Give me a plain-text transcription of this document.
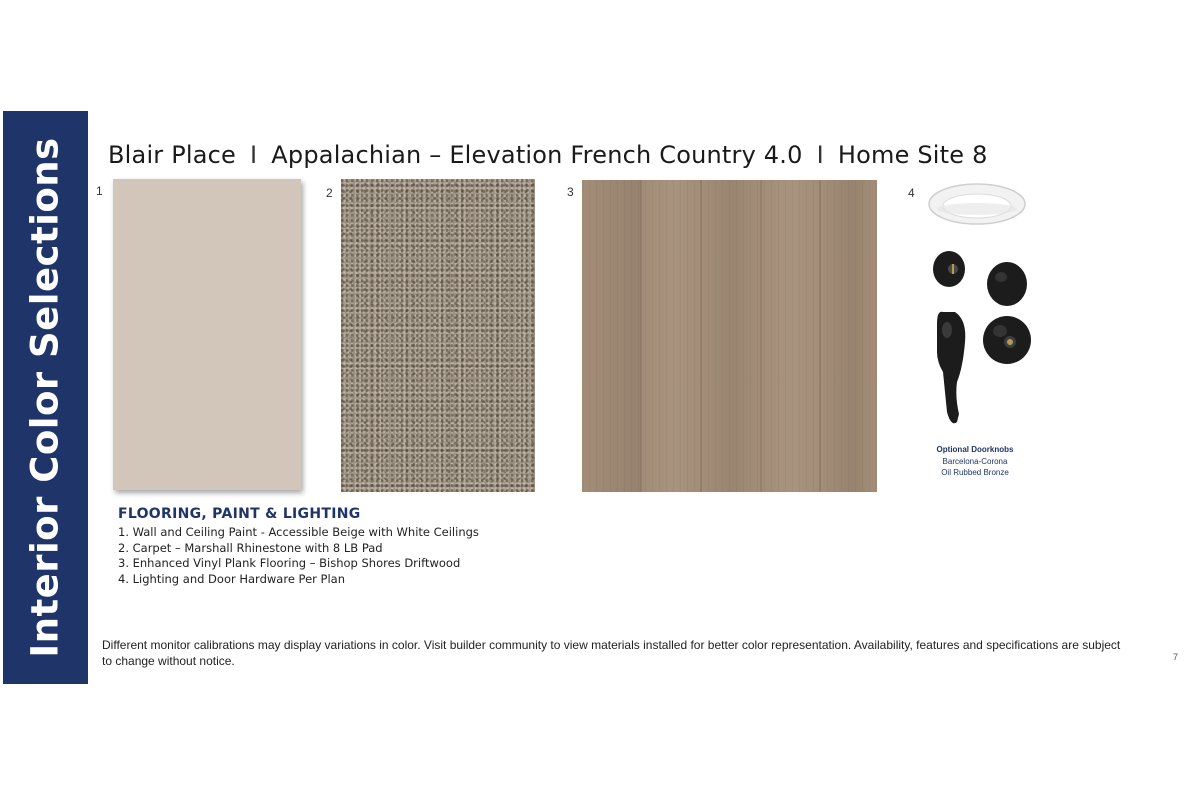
Interior Color Selections Blair Place I Appalachian – Elevation French Country 4.0 I Home Site 8
1	2	3	4
Optional Doorknobs
Barcelona-Corona
Oil Rubbed Bronze
FLOORING, PAINT & LIGHTING
1. Wall and Ceiling Paint - Accessible Beige with White Ceilings
2. Carpet – Marshall Rhinestone with 8 LB Pad
3. Enhanced Vinyl Plank Flooring – Bishop Shores Driftwood
4. Lighting and Door Hardware Per Plan
Different monitor calibrations may display variations in color. Visit builder community to view materials installed for better color representation. Availability, features and specifications are subject to change without notice.	7
